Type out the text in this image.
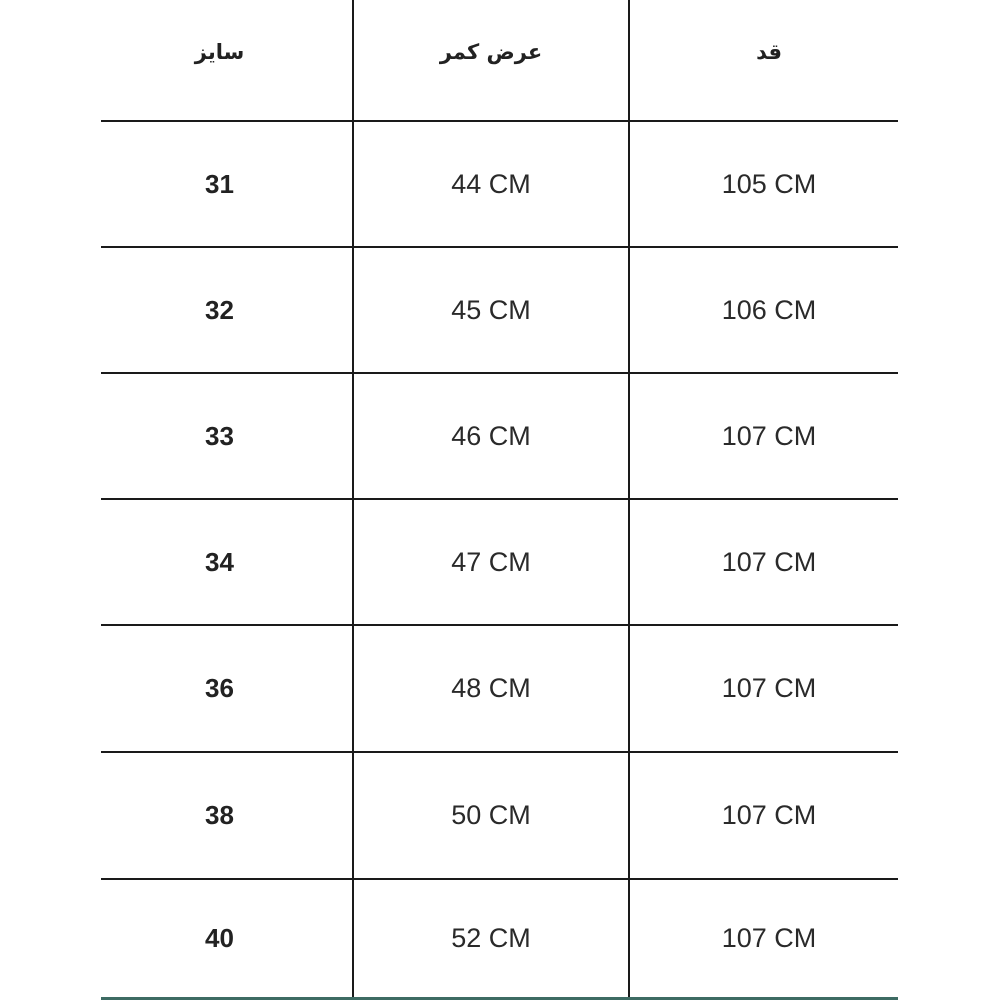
سایز	عرض کمر	قد
31	44 CM	105 CM
32	45 CM	106 CM
33	46 CM	107 CM
34	47 CM	107 CM
36	48 CM	107 CM
38	50 CM	107 CM
40	52 CM	107 CM
